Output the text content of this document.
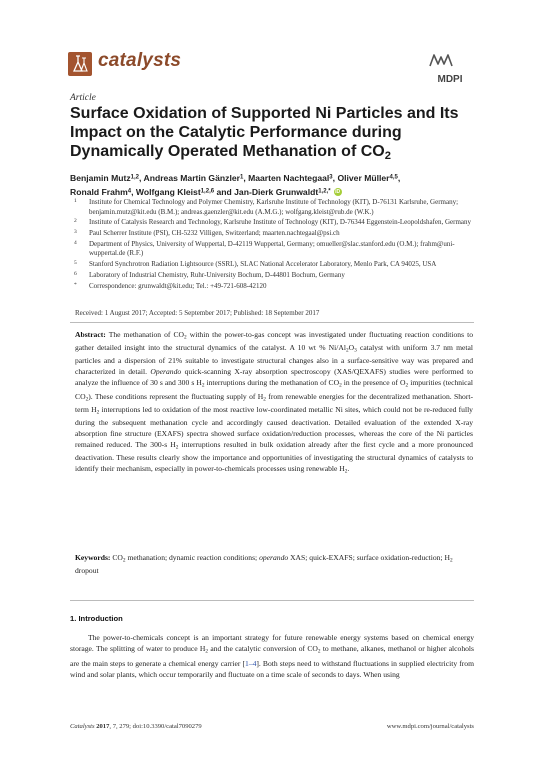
catalysts
MDPI
Article
Surface Oxidation of Supported Ni Particles and Its
Impact on the Catalytic Performance during
Dynamically Operated Methanation of $CO_2$
Benjamin Mutz$^{1,2}$, Andreas Martin Gänzler$^1$, Maarten Nachtegaal$^3$, Oliver Müller$^{4,5}$,
Ronald Frahm$^4$, Wolfgang Kleist$^{1,2,6}$ and Jan-Dierk Grunwaldt$^{1,2,*}$ iD
1 Institute for Chemical Technology and Polymer Chemistry, Karlsruhe Institute of Technology (KIT), D-76131 Karlsruhe, Germany; benjamin.mutz@kit.edu (B.M.); andreas.gaenzler@kit.edu (A.M.G.); wolfgang.kleist@rub.de (W.K.)
2 Institute of Catalysis Research and Technology, Karlsruhe Institute of Technology (KIT), D-76344 Eggenstein-Leopoldshafen, Germany
3 Paul Scherrer Institute (PSI), CH-5232 Villigen, Switzerland; maarten.nachtegaal@psi.ch
4 Department of Physics, University of Wuppertal, D-42119 Wuppertal, Germany; omueller@slac.stanford.edu (O.M.); frahm@uni-wuppertal.de (R.F.)
5 Stanford Synchrotron Radiation Lightsource (SSRL), SLAC National Accelerator Laboratory, Menlo Park, CA 94025, USA
6 Laboratory of Industrial Chemistry, Ruhr-University Bochum, D-44801 Bochum, Germany
* Correspondence: grunwaldt@kit.edu; Tel.: +49-721-608-42120
Received: 1 August 2017; Accepted: 5 September 2017; Published: 18 September 2017
Abstract: The methanation of $CO_2$ within the power-to-gas concept was investigated under fluctuating reaction conditions to gather detailed insight into the structural dynamics of the catalyst. A 10 wt % $Ni/Al_2O_3$ catalyst with uniform 3.7 nm metal particles and a dispersion of 21% suitable to investigate structural changes also in a surface-sensitive way was prepared and characterized in detail. Operando quick-scanning X-ray absorption spectroscopy (XAS/QEXAFS) studies were performed to analyze the influence of 30 s and 300 s $H_2$ interruptions during the methanation of $CO_2$ in the presence of $O_2$ impurities (technical $CO_2$). These conditions represent the fluctuating supply of $H_2$ from renewable energies for the decentralized methanation. Short-term $H_2$ interruptions led to oxidation of the most reactive low-coordinated metallic Ni sites, which could not be re-reduced fully during the subsequent methanation cycle and accordingly caused deactivation. Detailed evaluation of the extended X-ray absorption fine structure (EXAFS) spectra showed surface oxidation/reduction processes, whereas the core of the Ni particles remained reduced. The 300-s $H_2$ interruptions resulted in bulk oxidation already after the first cycle and a more pronounced deactivation. These results clearly show the importance and opportunities of investigating the structural dynamics of catalysts to identify their mechanism, especially in power-to-chemicals processes using renewable $H_2$.
Keywords: $CO_2$ methanation; dynamic reaction conditions; operando XAS; quick-EXAFS; surface oxidation-reduction; $H_2$ dropout
1. Introduction
The power-to-chemicals concept is an important strategy for future renewable energy systems based on chemical energy storage. The splitting of water to produce $H_2$ and the catalytic conversion of $CO_2$ to methane, alkanes, methanol or higher alcohols are the main steps to generate a chemical energy carrier [1–4]. Both steps need to withstand fluctuations in supplied electricity from wind and solar plants, which occur temporarily and fluctuate on a time scale of seconds to days. When using
Catalysts 2017, 7, 279; doi:10.3390/catal7090279	www.mdpi.com/journal/catalysts
